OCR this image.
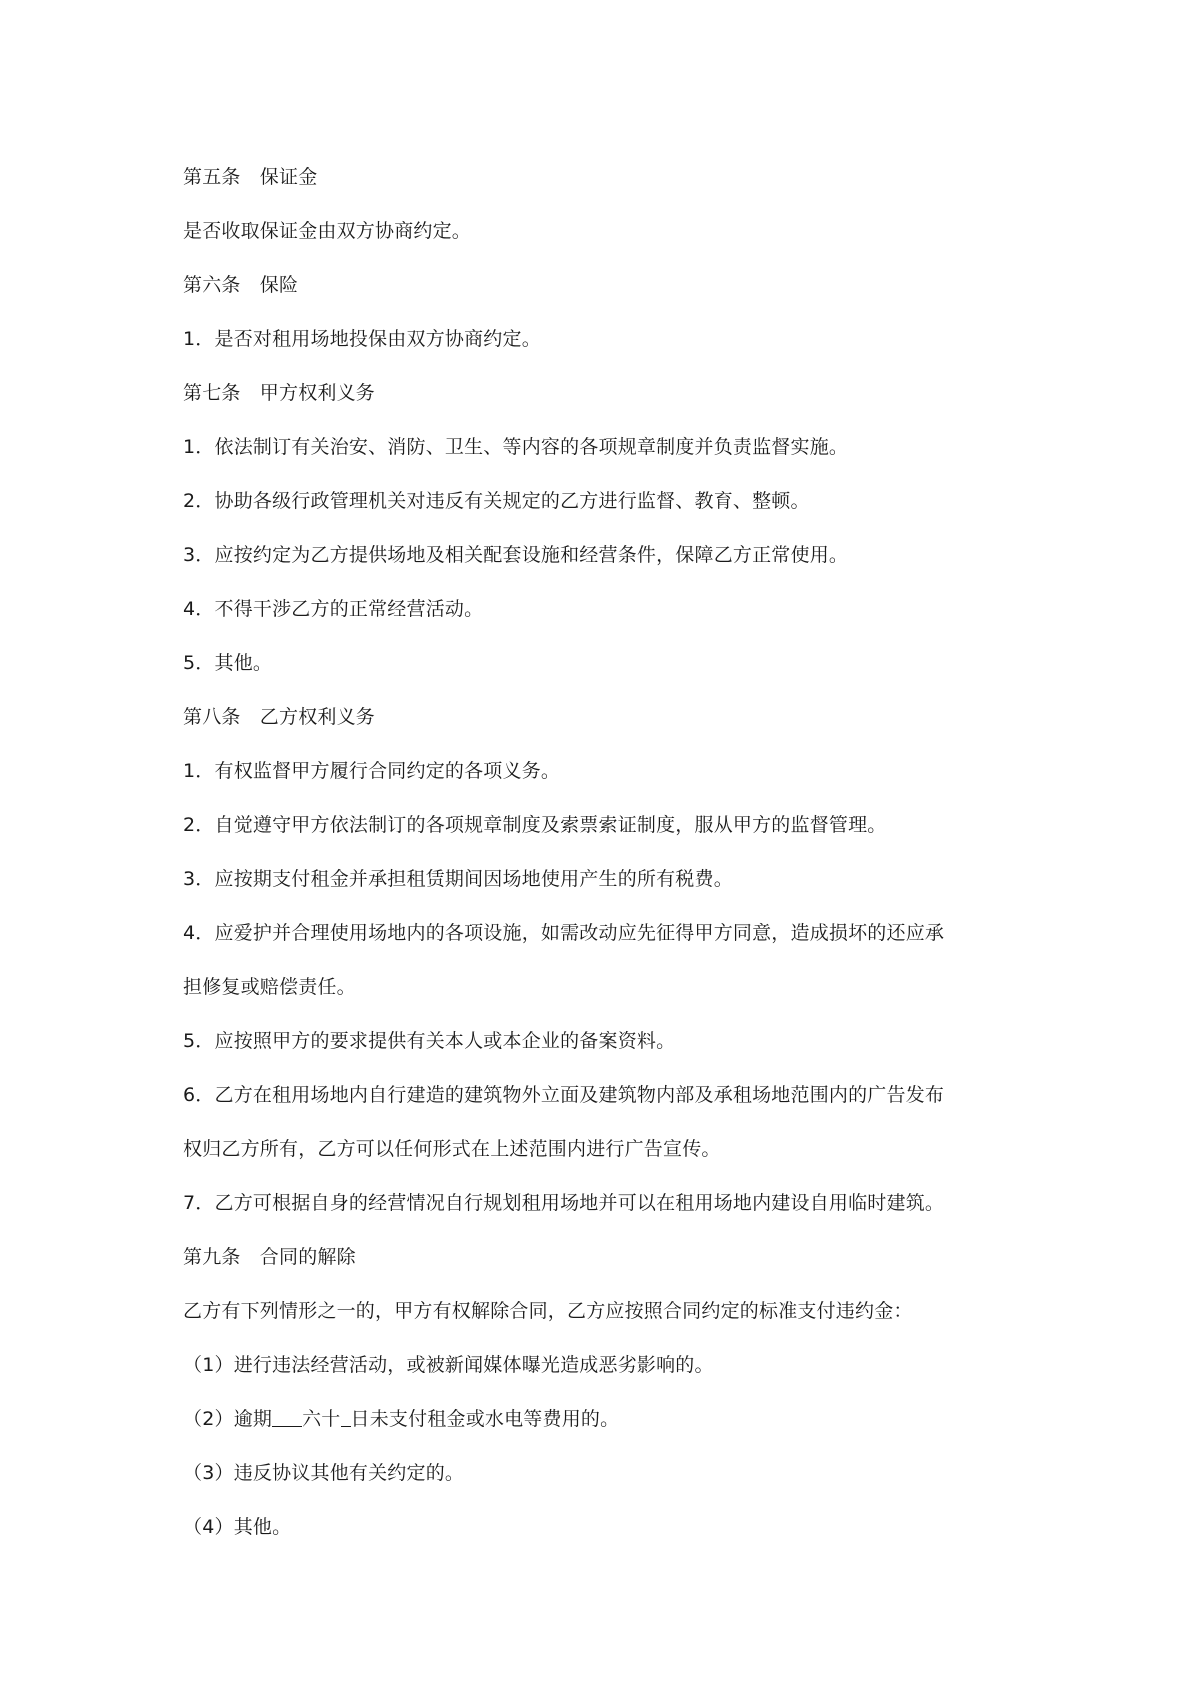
第五条　保证金
是否收取保证金由双方协商约定。
第六条　保险
1．是否对租用场地投保由双方协商约定。
第七条　甲方权利义务
1．依法制订有关治安、消防、卫生、等内容的各项规章制度并负责监督实施。
2．协助各级行政管理机关对违反有关规定的乙方进行监督、教育、整顿。
3．应按约定为乙方提供场地及相关配套设施和经营条件，保障乙方正常使用。
4．不得干涉乙方的正常经营活动。
5．其他。
第八条　乙方权利义务
1．有权监督甲方履行合同约定的各项义务。
2．自觉遵守甲方依法制订的各项规章制度及索票索证制度，服从甲方的监督管理。
3．应按期支付租金并承担租赁期间因场地使用产生的所有税费。
4．应爱护并合理使用场地内的各项设施，如需改动应先征得甲方同意，造成损坏的还应承
担修复或赔偿责任。
5．应按照甲方的要求提供有关本人或本企业的备案资料。
6．乙方在租用场地内自行建造的建筑物外立面及建筑物内部及承租场地范围内的广告发布
权归乙方所有，乙方可以任何形式在上述范围内进行广告宣传。
7．乙方可根据自身的经营情况自行规划租用场地并可以在租用场地内建设自用临时建筑。
第九条　合同的解除
乙方有下列情形之一的，甲方有权解除合同，乙方应按照合同约定的标准支付违约金：
（1）进行违法经营活动，或被新闻媒体曝光造成恶劣影响的。
（2）逾期 六十 日未支付租金或水电等费用的。
（3）违反协议其他有关约定的。
（4）其他。
